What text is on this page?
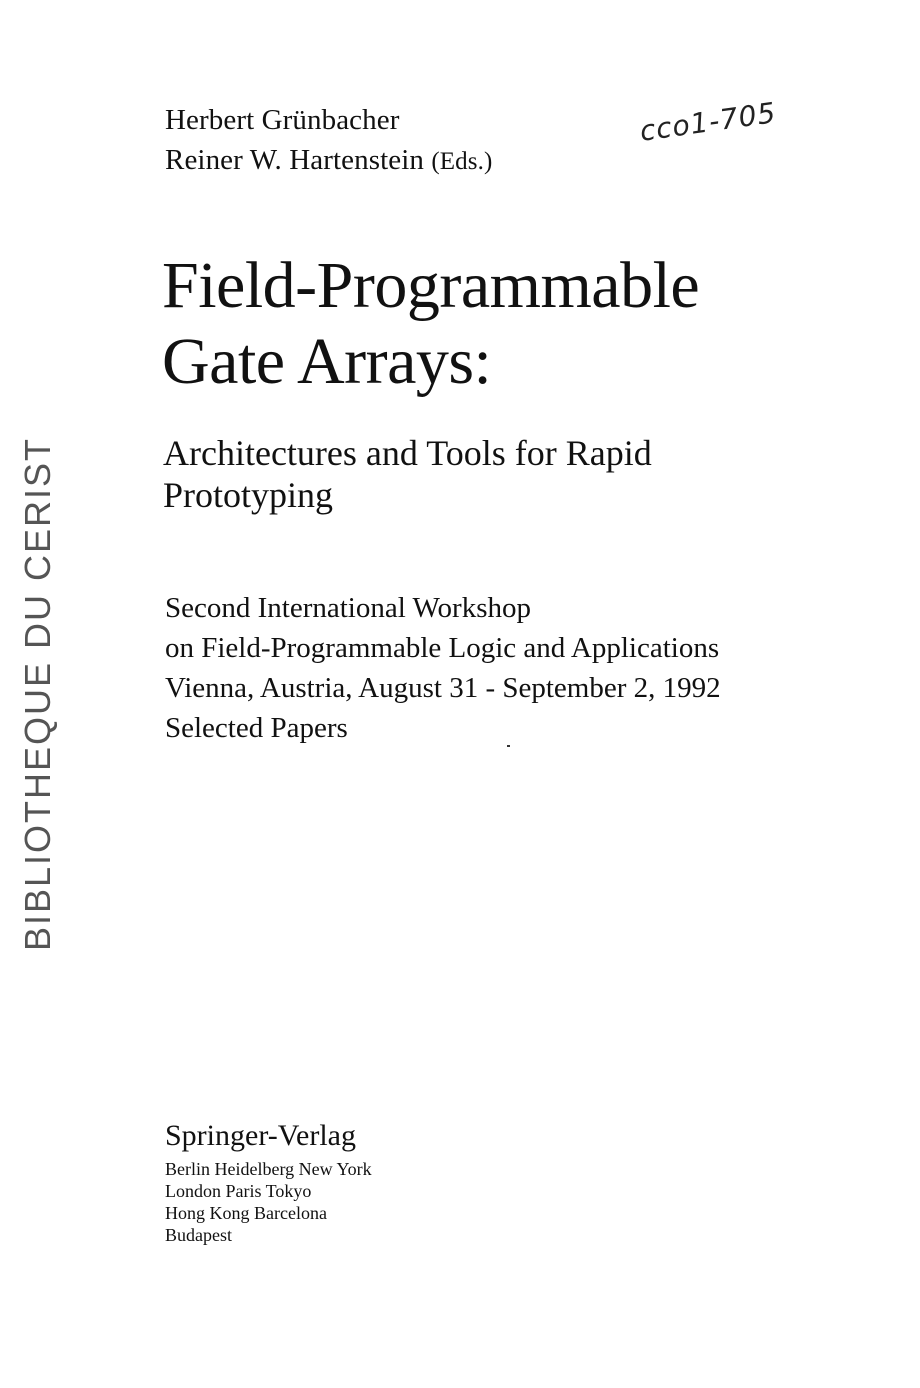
Herbert Grünbacher
Reiner W. Hartenstein (Eds.)
cco1-705
Field-Programmable
Gate Arrays:
Architectures and Tools for Rapid
Prototyping
Second International Workshop
on Field-Programmable Logic and Applications
Vienna, Austria, August 31 - September 2, 1992
Selected Papers
BIBLIOTHEQUE DU CERIST
Springer-Verlag
Berlin Heidelberg New York
London Paris Tokyo
Hong Kong Barcelona
Budapest
